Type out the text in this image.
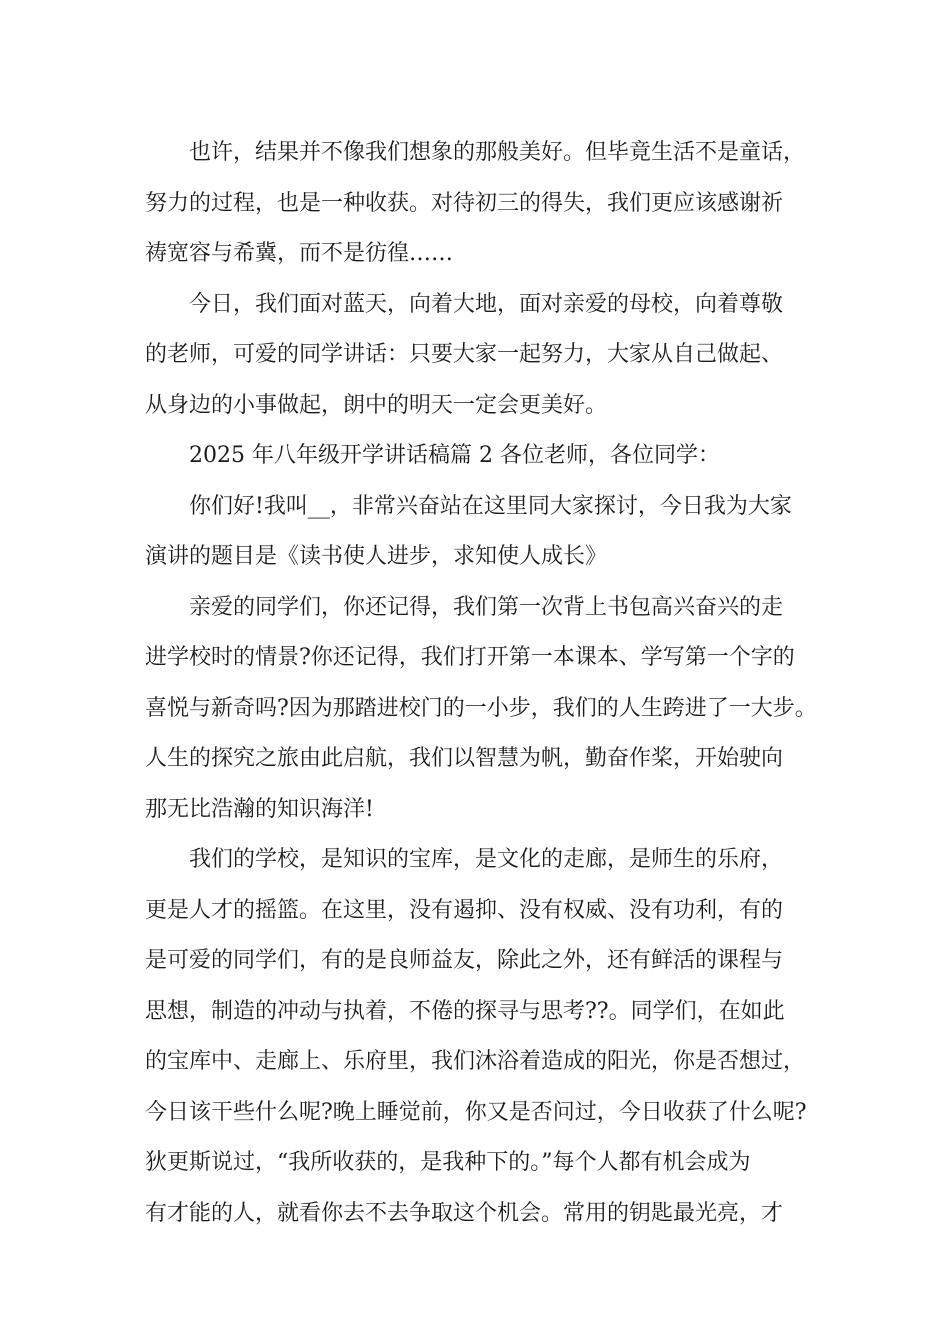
也许，结果并不像我们想象的那般美好。但毕竟生活不是童话，
努力的过程，也是一种收获。对待初三的得失，我们更应该感谢祈
祷宽容与希冀，而不是彷徨……

今日，我们面对蓝天，向着大地，面对亲爱的母校，向着尊敬
的老师，可爱的同学讲话：只要大家一起努力，大家从自己做起、
从身边的小事做起，朗中的明天一定会更美好。

2025 年八年级开学讲话稿篇 2 各位老师，各位同学：

你们好!我叫__，非常兴奋站在这里同大家探讨，今日我为大家
演讲的题目是《读书使人进步，求知使人成长》

亲爱的同学们，你还记得，我们第一次背上书包高兴奋兴的走
进学校时的情景?你还记得，我们打开第一本课本、学写第一个字的
喜悦与新奇吗?因为那踏进校门的一小步，我们的人生跨进了一大步。
人生的探究之旅由此启航，我们以智慧为帆，勤奋作桨，开始驶向
那无比浩瀚的知识海洋!

我们的学校，是知识的宝库，是文化的走廊，是师生的乐府，
更是人才的摇篮。在这里，没有遏抑、没有权威、没有功利，有的
是可爱的同学们，有的是良师益友，除此之外，还有鲜活的课程与
思想，制造的冲动与执着，不倦的探寻与思考??。同学们，在如此
的宝库中、走廊上、乐府里，我们沐浴着造成的阳光，你是否想过，
今日该干些什么呢?晚上睡觉前，你又是否问过，今日收获了什么呢?
狄更斯说过，“我所收获的，是我种下的。”每个人都有机会成为
有才能的人，就看你去不去争取这个机会。常用的钥匙最光亮，才
